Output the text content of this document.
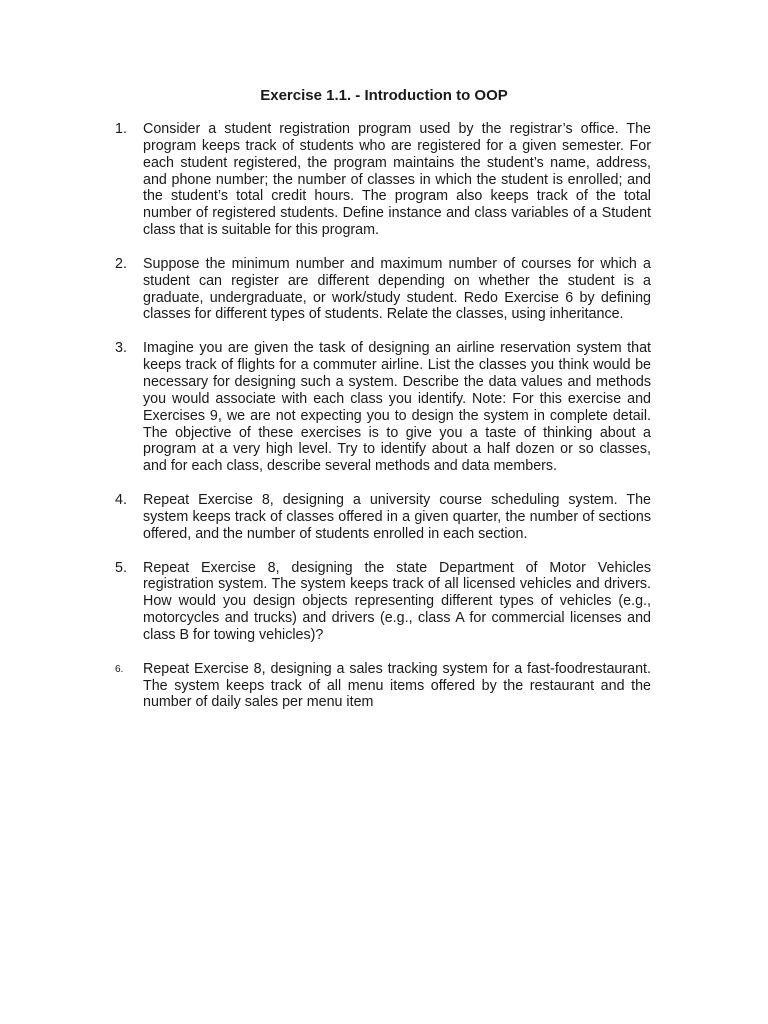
Exercise 1.1. - Introduction to OOP
1.	Consider a student registration program used by the registrar’s office. The program keeps track of students who are registered for a given semester. For each student registered, the program maintains the student’s name, address, and phone number; the number of classes in which the student is enrolled; and the student’s total credit hours. The program also keeps track of the total number of registered students. Define instance and class variables of a Student class that is suitable for this program.
2.	Suppose the minimum number and maximum number of courses for which a student can register are different depending on whether the student is a graduate, undergraduate, or work/study student. Redo Exercise 6 by defining classes for different types of students. Relate the classes, using inheritance.
3.	Imagine you are given the task of designing an airline reservation system that keeps track of flights for a commuter airline. List the classes you think would be necessary for designing such a system. Describe the data values and methods you would associate with each class you identify. Note: For this exercise and Exercises 9, we are not expecting you to design the system in complete detail. The objective of these exercises is to give you a taste of thinking about a program at a very high level. Try to identify about a half dozen or so classes, and for each class, describe several methods and data members.
4.	Repeat Exercise 8, designing a university course scheduling system. The system keeps track of classes offered in a given quarter, the number of sections offered, and the number of students enrolled in each section.
5.	Repeat Exercise 8, designing the state Department of Motor Vehicles registration system. The system keeps track of all licensed vehicles and drivers. How would you design objects representing different types of vehicles (e.g., motorcycles and trucks) and drivers (e.g., class A for commercial licenses and class B for towing vehicles)?
6.	Repeat Exercise 8, designing a sales tracking system for a fast-foodrestaurant. The system keeps track of all menu items offered by the restaurant and the number of daily sales per menu item
